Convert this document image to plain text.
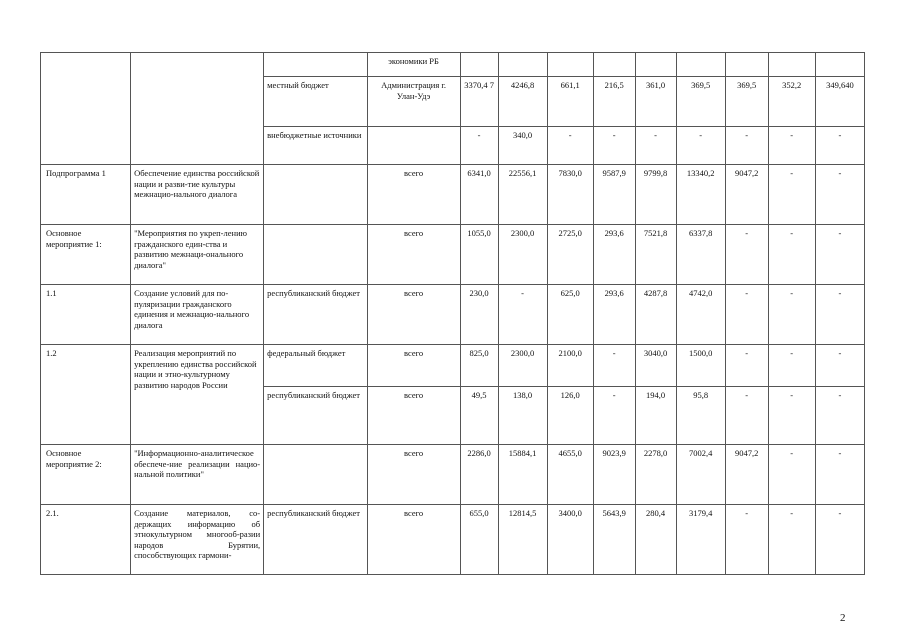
			экономики РБ									
		местный бюджет	Администрация г. Улан-Удэ	3370,4 7	4246,8	661,1	216,5	361,0	369,5	369,5	352,2	349,640
		внебюджетные источники		-	340,0	-	-	-	-	-	-	-
Подпрограмма 1	Обеспечение единства российской нации и разви-тие культуры межнацио-нального диалога		всего	6341,0	22556,1	7830,0	9587,9	9799,8	13340,2	9047,2	-	-
Основное мероприятие 1:	"Мероприятия по укреп-лению гражданского един-ства и развитию межнаци-онального диалога"		всего	1055,0	2300,0	2725,0	293,6	7521,8	6337,8	-	-	-
1.1	Создание условий для по-пуляризации гражданского единения и межнацио-нального диалога	республиканский бюджет	всего	230,0	-	625,0	293,6	4287,8	4742,0	-	-	-
1.2	Реализация мероприятий по укреплению единства российской нации и этно-культурному развитию народов России	федеральный бюджет	всего	825,0	2300,0	2100,0	-	3040,0	1500,0	-	-	-
		республиканский бюджет	всего	49,5	138,0	126,0	-	194,0	95,8	-	-	-
Основное мероприятие 2:	"Информационно-аналитическое обеспече-ние реализации нацио-нальной политики"		всего	2286,0	15884,1	4655,0	9023,9	2278,0	7002,4	9047,2	-	-
2.1.	Создание материалов, со-держащих информацию об этнокультурном многооб-разии народов Бурятии, способствующих гармони-	республиканский бюджет	всего	655,0	12814,5	3400,0	5643,9	280,4	3179,4	-	-	-
2
